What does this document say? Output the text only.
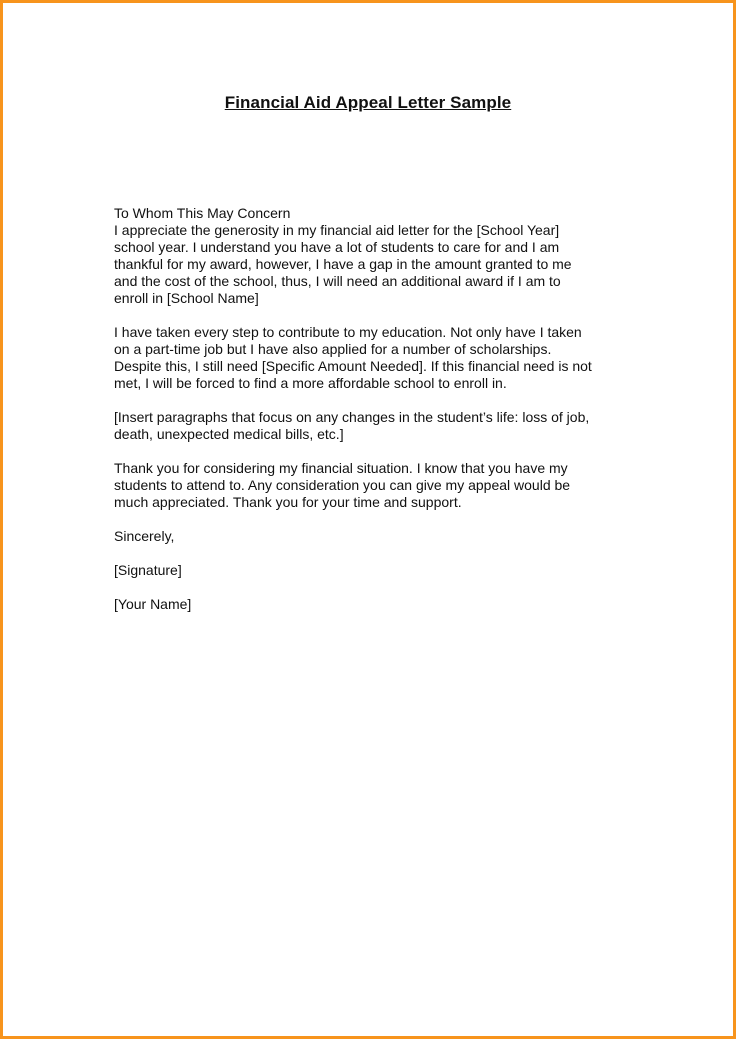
Financial Aid Appeal Letter Sample
To Whom This May Concern
I appreciate the generosity in my financial aid letter for the [School Year]
school year. I understand you have a lot of students to care for and I am
thankful for my award, however, I have a gap in the amount granted to me
and the cost of the school, thus, I will need an additional award if I am to
enroll in [School Name]
I have taken every step to contribute to my education. Not only have I taken
on a part-time job but I have also applied for a number of scholarships.
Despite this, I still need [Specific Amount Needed]. If this financial need is not
met, I will be forced to find a more affordable school to enroll in.
[Insert paragraphs that focus on any changes in the student’s life: loss of job,
death, unexpected medical bills, etc.]
Thank you for considering my financial situation. I know that you have my
students to attend to. Any consideration you can give my appeal would be
much appreciated. Thank you for your time and support.
Sincerely,
[Signature]
[Your Name]
